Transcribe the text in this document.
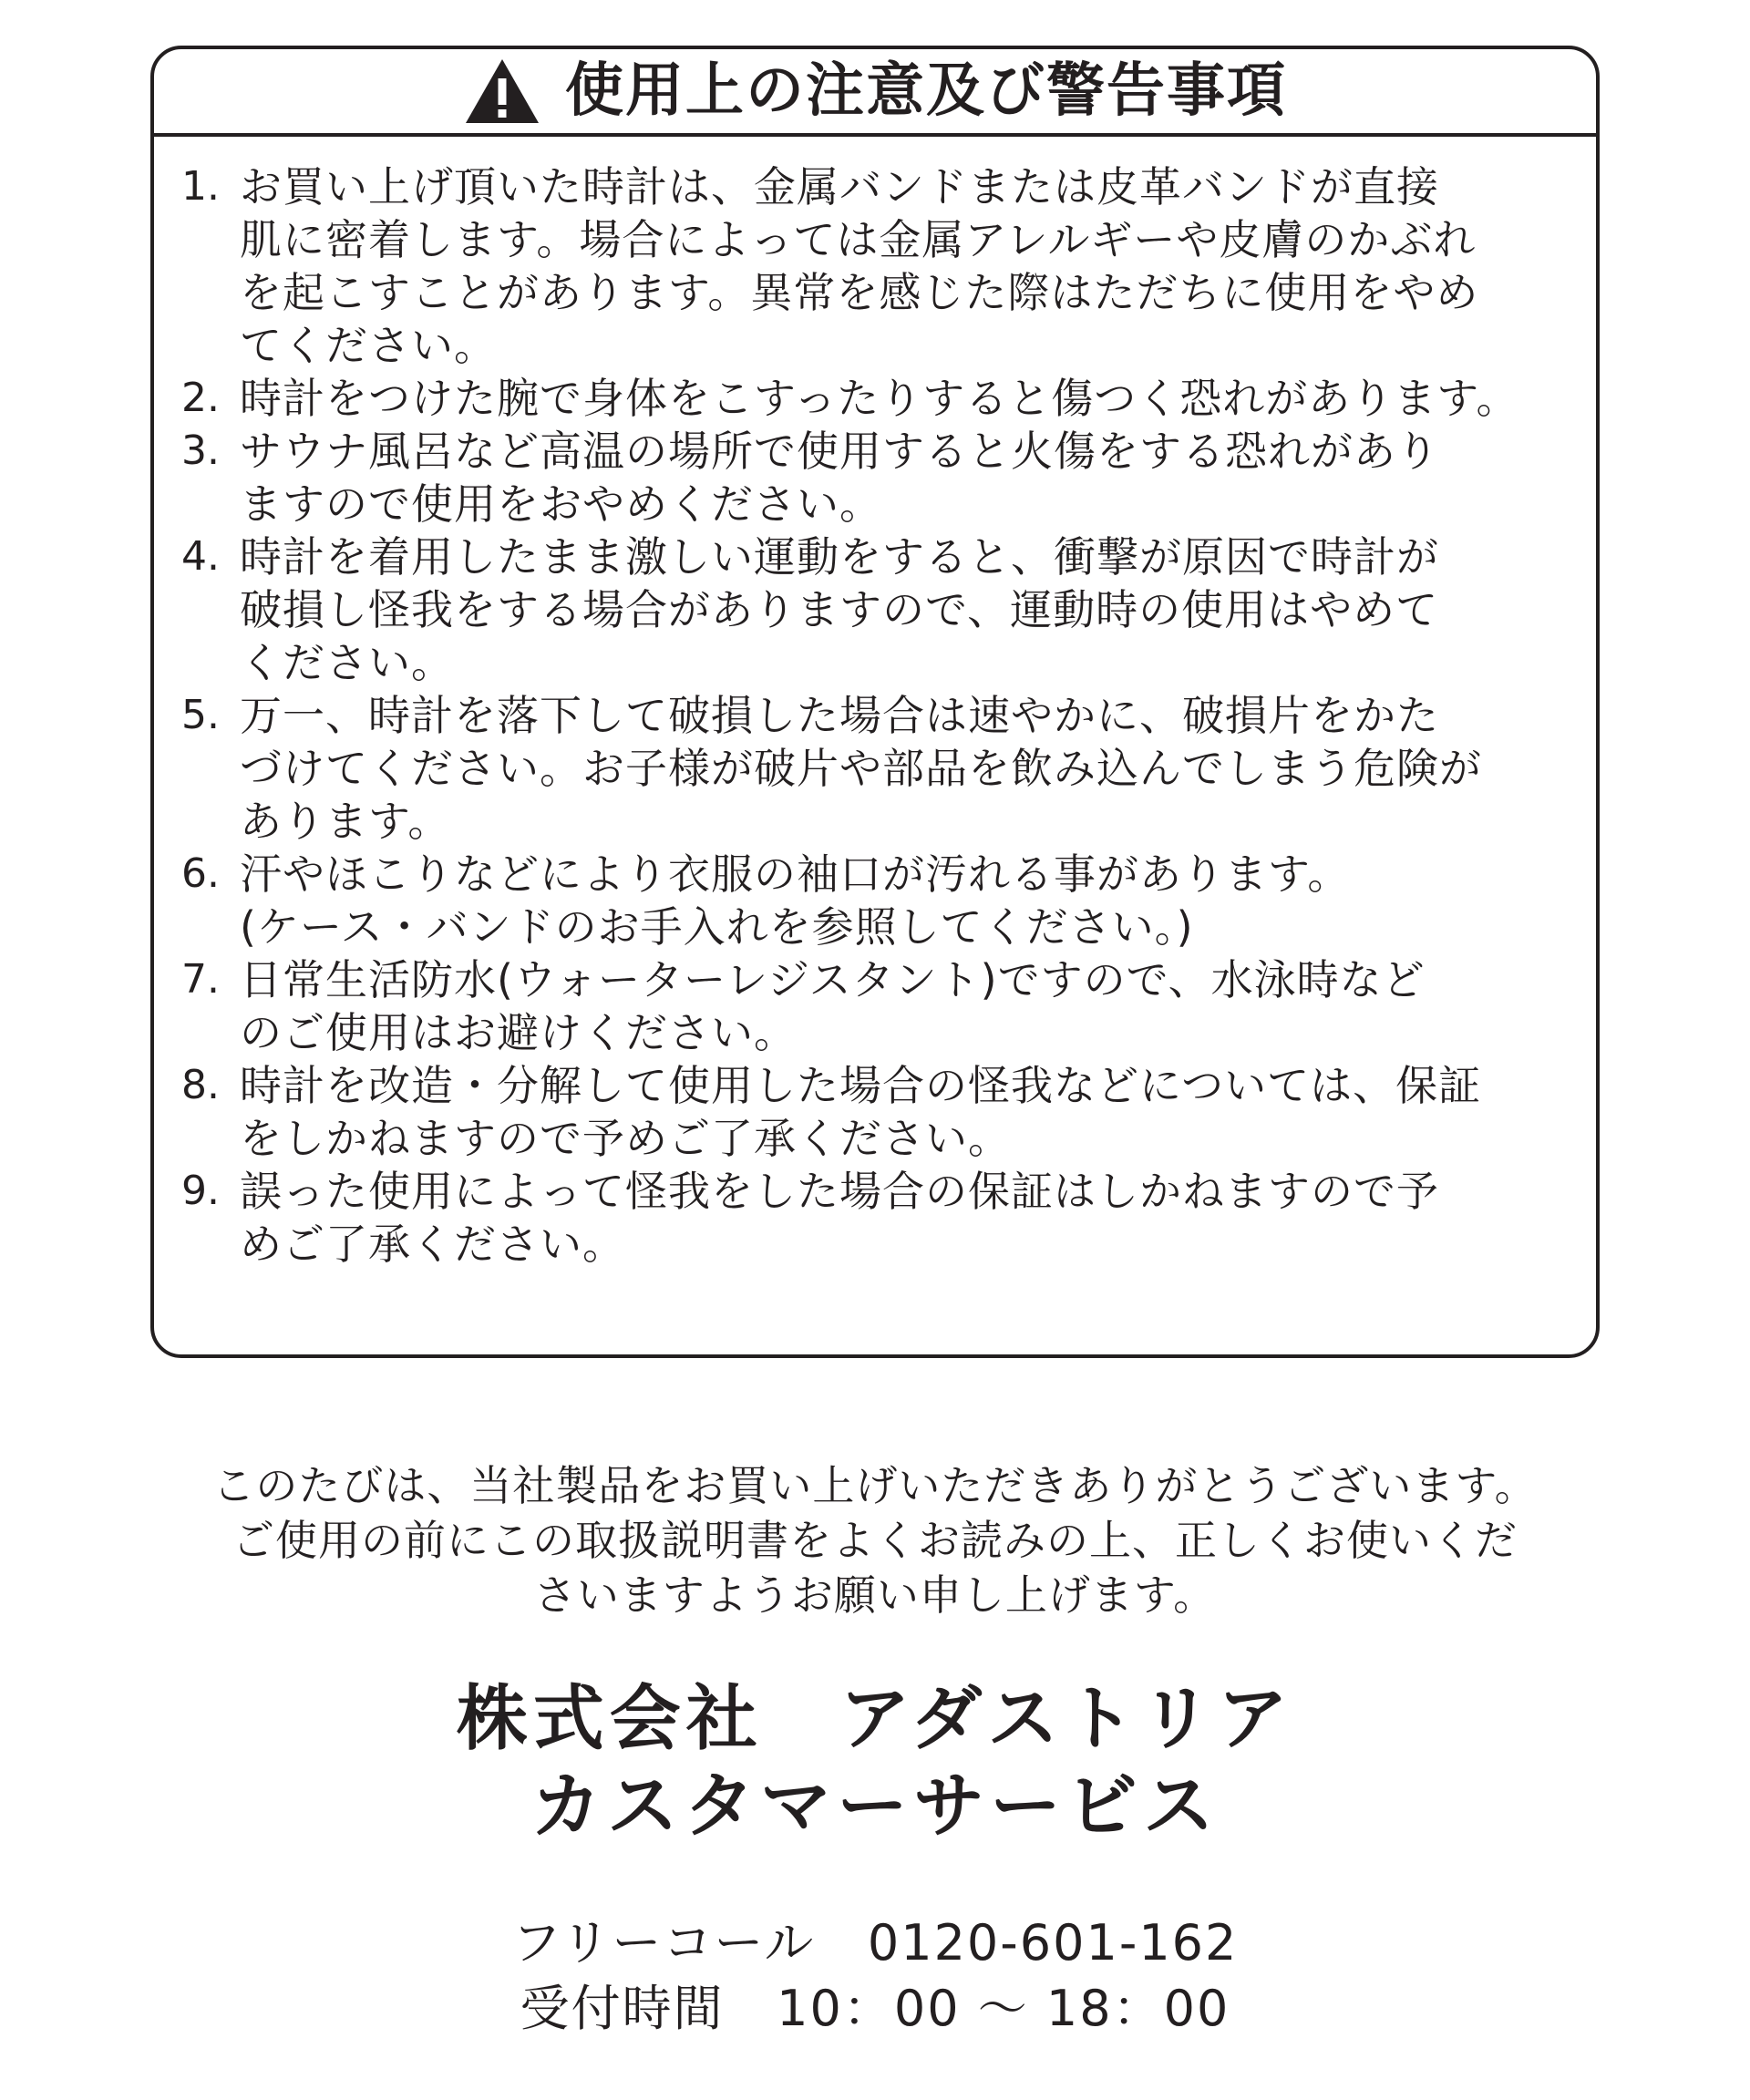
使用上の注意及び警告事項
1. お買い上げ頂いた時計は、金属バンドまたは皮革バンドが直接
肌に密着します。場合によっては金属アレルギーや皮膚のかぶれ
を起こすことがあります。異常を感じた際はただちに使用をやめ
てください。
2. 時計をつけた腕で身体をこすったりすると傷つく恐れがあります。
3. サウナ風呂など高温の場所で使用すると火傷をする恐れがあり
ますので使用をおやめください。
4. 時計を着用したまま激しい運動をすると、衝撃が原因で時計が
破損し怪我をする場合がありますので、運動時の使用はやめて
ください。
5. 万一、時計を落下して破損した場合は速やかに、破損片をかた
づけてください。お子様が破片や部品を飲み込んでしまう危険が
あります。
6. 汗やほこりなどにより衣服の袖口が汚れる事があります。
(ケース・バンドのお手入れを参照してください。)
7. 日常生活防水(ウォーターレジスタント)ですので、水泳時など
のご使用はお避けください。
8. 時計を改造・分解して使用した場合の怪我などについては、保証
をしかねますので予めご了承ください。
9. 誤った使用によって怪我をした場合の保証はしかねますので予
めご了承ください。
このたびは、当社製品をお買い上げいただきありがとうございます。
ご使用の前にこの取扱説明書をよくお読みの上、正しくお使いくだ
さいますようお願い申し上げます。
株式会社　アダストリア
カスタマーサービス
フリーコール 0120-601-162
受付時間 10：00 〜 18：00
